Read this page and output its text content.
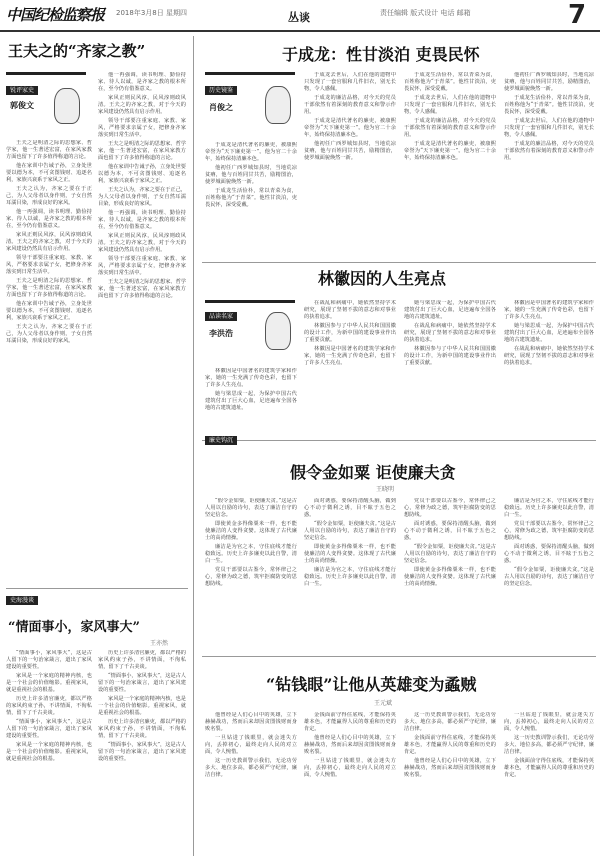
中国纪检监察报 2018年3月8日 星期四	丛谈	责任编辑 版式设计 电话 邮箱	7
王夫之的“齐家之教”
锐评家史
郭俊文

王夫之是明清之际的思想家、哲学家，他一生著述宏富，在家风家教方面也留下了许多值得称道的言论。

他在家训中告诫子孙，立身处世要以德为本，不可贪图钱财、追逐名利，家族兴衰系于家风之正。

王夫之认为，齐家之要在于正己，为人父母者以身作则，子女自然耳濡目染，形成良好的家风。

他一再强调，读书明理、勤俭持家、待人以诚，是齐家之教的根本所在，至今仍有借鉴意义。

家风正则民风淳，民风淳则政风清。王夫之的齐家之教，对于今天的家风建设仍然具有启示作用。

领导干部要注重家庭、家教、家风，严格要求亲属子女，把修身齐家落实到日常生活中。

王夫之是明清之际的思想家、哲学家，他一生著述宏富，在家风家教方面也留下了许多值得称道的言论。

他在家训中告诫子孙，立身处世要以德为本，不可贪图钱财、追逐名利，家族兴衰系于家风之正。

王夫之认为，齐家之要在于正己，为人父母者以身作则，子女自然耳濡目染，形成良好的家风。

他一再强调，读书明理、勤俭持家、待人以诚，是齐家之教的根本所在，至今仍有借鉴意义。

家风正则民风淳，民风淳则政风清。王夫之的齐家之教，对于今天的家风建设仍然具有启示作用。

领导干部要注重家庭、家教、家风，严格要求亲属子女，把修身齐家落实到日常生活中。

王夫之是明清之际的思想家、哲学家，他一生著述宏富，在家风家教方面也留下了许多值得称道的言论。

他在家训中告诫子孙，立身处世要以德为本，不可贪图钱财、追逐名利，家族兴衰系于家风之正。

王夫之认为，齐家之要在于正己，为人父母者以身作则，子女自然耳濡目染，形成良好的家风。

他一再强调，读书明理、勤俭持家、待人以诚，是齐家之教的根本所在，至今仍有借鉴意义。

家风正则民风淳，民风淳则政风清。王夫之的齐家之教，对于今天的家风建设仍然具有启示作用。

领导干部要注重家庭、家教、家风，严格要求亲属子女，把修身齐家落实到日常生活中。

王夫之是明清之际的思想家、哲学家，他一生著述宏富，在家风家教方面也留下了许多值得称道的言论。

史海漫谈
“情面事小，家风事大”
王亦然

“情面事小，家风事大”，这是古人留下的一句治家箴言，道出了家风建设的重要性。

家风是一个家庭的精神内核，也是一个社会的价值缩影。重视家风，就是重视社会的根基。

历史上许多清官廉吏，都以严格的家风约束子孙，不讲情面，不徇私情，留下了千古美谈。

“情面事小，家风事大”，这是古人留下的一句治家箴言，道出了家风建设的重要性。

家风是一个家庭的精神内核，也是一个社会的价值缩影。重视家风，就是重视社会的根基。

历史上许多清官廉吏，都以严格的家风约束子孙，不讲情面，不徇私情，留下了千古美谈。

“情面事小，家风事大”，这是古人留下的一句治家箴言，道出了家风建设的重要性。

家风是一个家庭的精神内核，也是一个社会的价值缩影。重视家风，就是重视社会的根基。

历史上许多清官廉吏，都以严格的家风约束子孙，不讲情面，不徇私情，留下了千古美谈。

“情面事小，家风事大”，这是古人留下的一句治家箴言，道出了家风建设的重要性。

于成龙：性甘淡泊 吏畏民怀
历史镜鉴
肖俊之

于成龙是清代著名的廉吏，被康熙帝誉为“天下廉吏第一”。他为官二十余年，始终保持清廉本色。

他初任广西罗城知县时，当地荒凉贫瘠，他与百姓同甘共苦，励精图治，使罗城面貌焕然一新。

于成龙生活俭朴，常以青菜为食，百姓称他为“于青菜”。他性甘淡泊，吏畏民怀，深受爱戴。

于成龙去世后，人们在他的遗物中只发现了一套官服和几件旧衣，别无长物，令人感佩。

于成龙的廉洁品格，对今天的党员干部依然有着深刻的教育意义和警示作用。

于成龙是清代著名的廉吏，被康熙帝誉为“天下廉吏第一”。他为官二十余年，始终保持清廉本色。

他初任广西罗城知县时，当地荒凉贫瘠，他与百姓同甘共苦，励精图治，使罗城面貌焕然一新。

于成龙生活俭朴，常以青菜为食，百姓称他为“于青菜”。他性甘淡泊，吏畏民怀，深受爱戴。

于成龙去世后，人们在他的遗物中只发现了一套官服和几件旧衣，别无长物，令人感佩。

于成龙的廉洁品格，对今天的党员干部依然有着深刻的教育意义和警示作用。

于成龙是清代著名的廉吏，被康熙帝誉为“天下廉吏第一”。他为官二十余年，始终保持清廉本色。

他初任广西罗城知县时，当地荒凉贫瘠，他与百姓同甘共苦，励精图治，使罗城面貌焕然一新。

于成龙生活俭朴，常以青菜为食，百姓称他为“于青菜”。他性甘淡泊，吏畏民怀，深受爱戴。

于成龙去世后，人们在他的遗物中只发现了一套官服和几件旧衣，别无长物，令人感佩。

于成龙的廉洁品格，对今天的党员干部依然有着深刻的教育意义和警示作用。

林徽因的人生亮点
品读名家
李洪浩

林徽因是中国著名的建筑学家和作家，她的一生充满了传奇色彩，也留下了许多人生亮点。

她与梁思成一起，为保护中国古代建筑付出了巨大心血，足迹遍布全国各地的古建筑遗址。

在战乱和病痛中，她依然坚持学术研究，展现了坚韧不拔的意志和对事业的执着追求。

林徽因参与了中华人民共和国国徽的设计工作，为新中国的建设事业作出了重要贡献。

林徽因是中国著名的建筑学家和作家，她的一生充满了传奇色彩，也留下了许多人生亮点。

她与梁思成一起，为保护中国古代建筑付出了巨大心血，足迹遍布全国各地的古建筑遗址。

在战乱和病痛中，她依然坚持学术研究，展现了坚韧不拔的意志和对事业的执着追求。

林徽因参与了中华人民共和国国徽的设计工作，为新中国的建设事业作出了重要贡献。

林徽因是中国著名的建筑学家和作家，她的一生充满了传奇色彩，也留下了许多人生亮点。

她与梁思成一起，为保护中国古代建筑付出了巨大心血，足迹遍布全国各地的古建筑遗址。

在战乱和病痛中，她依然坚持学术研究，展现了坚韧不拔的意志和对事业的执着追求。

廉史钩沉
假令金如粟 讵使廉夫贪
王晓明

“假令金如粟，讵使廉夫贪。”这是古人用以自励的诗句，表达了廉洁自守的坚定信念。

即使黄金多得像粟米一样，也不能使廉洁的人变得贪婪。这体现了古代廉士的高尚情操。

廉洁是为官之本，守住底线才能行稳致远。历史上许多廉吏以此自警，清白一生。

党员干部要以古鉴今，常怀律己之心，常修为政之德，筑牢拒腐防变的思想防线。

面对诱惑，要保持清醒头脑，做到心不动于微利之诱，目不眩于五色之惑。

“假令金如粟，讵使廉夫贪。”这是古人用以自励的诗句，表达了廉洁自守的坚定信念。

即使黄金多得像粟米一样，也不能使廉洁的人变得贪婪。这体现了古代廉士的高尚情操。

廉洁是为官之本，守住底线才能行稳致远。历史上许多廉吏以此自警，清白一生。

党员干部要以古鉴今，常怀律己之心，常修为政之德，筑牢拒腐防变的思想防线。

面对诱惑，要保持清醒头脑，做到心不动于微利之诱，目不眩于五色之惑。

“假令金如粟，讵使廉夫贪。”这是古人用以自励的诗句，表达了廉洁自守的坚定信念。

即使黄金多得像粟米一样，也不能使廉洁的人变得贪婪。这体现了古代廉士的高尚情操。

廉洁是为官之本，守住底线才能行稳致远。历史上许多廉吏以此自警，清白一生。

党员干部要以古鉴今，常怀律己之心，常修为政之德，筑牢拒腐防变的思想防线。

面对诱惑，要保持清醒头脑，做到心不动于微利之诱，目不眩于五色之惑。

“假令金如粟，讵使廉夫贪。”这是古人用以自励的诗句，表达了廉洁自守的坚定信念。

“钻钱眼”让他从英雄变为蟊贼
王元斌

他曾经是人们心目中的英雄，立下赫赫战功，然而后来却因贪图钱财而身败名裂。

一旦钻进了钱眼里，就会迷失方向，丢掉初心，最终走向人民的对立面，令人惋惜。

这一历史教训警示我们，无论功劳多大、地位多高，都必须严守纪律，廉洁自律。

金钱面前守得住底线，才能保持英雄本色，才能赢得人民的尊重和历史的肯定。

他曾经是人们心目中的英雄，立下赫赫战功，然而后来却因贪图钱财而身败名裂。

一旦钻进了钱眼里，就会迷失方向，丢掉初心，最终走向人民的对立面，令人惋惜。

这一历史教训警示我们，无论功劳多大、地位多高，都必须严守纪律，廉洁自律。

金钱面前守得住底线，才能保持英雄本色，才能赢得人民的尊重和历史的肯定。

他曾经是人们心目中的英雄，立下赫赫战功，然而后来却因贪图钱财而身败名裂。

一旦钻进了钱眼里，就会迷失方向，丢掉初心，最终走向人民的对立面，令人惋惜。

这一历史教训警示我们，无论功劳多大、地位多高，都必须严守纪律，廉洁自律。

金钱面前守得住底线，才能保持英雄本色，才能赢得人民的尊重和历史的肯定。
